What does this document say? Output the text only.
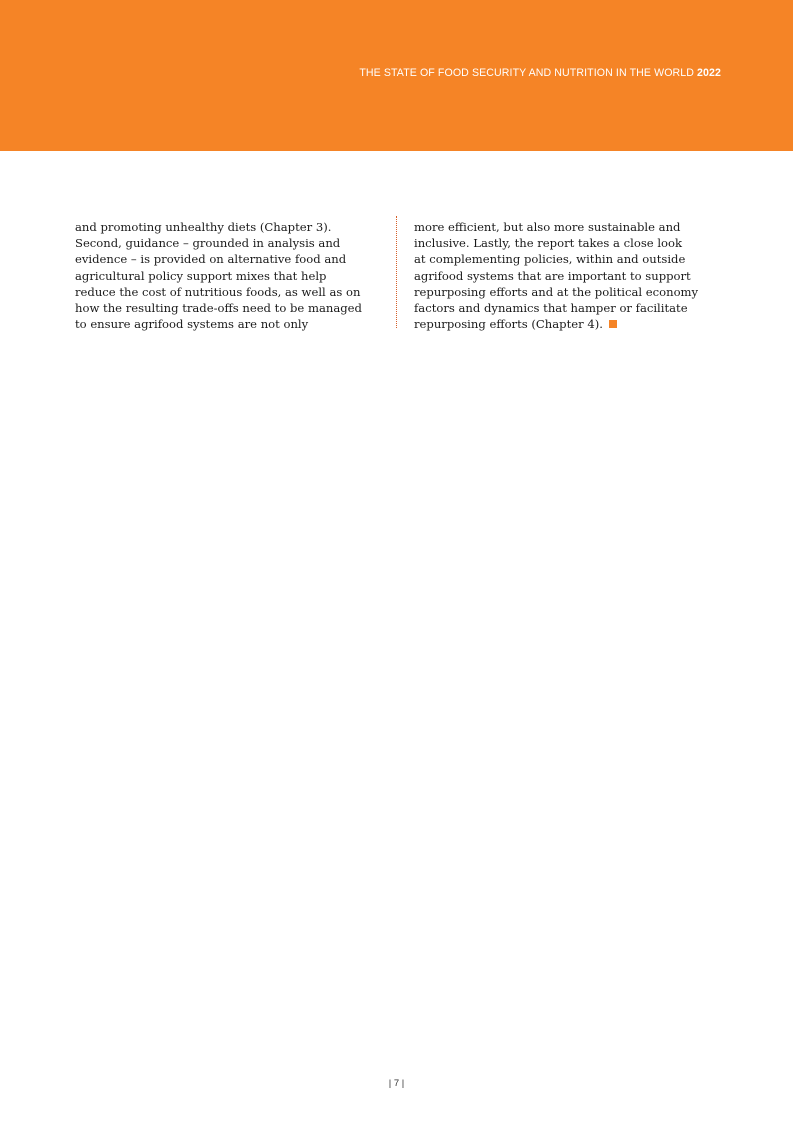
THE STATE OF FOOD SECURITY AND NUTRITION IN THE WORLD 2022
and promoting unhealthy diets (Chapter 3).
Second, guidance – grounded in analysis and
evidence – is provided on alternative food and
agricultural policy support mixes that help
reduce the cost of nutritious foods, as well as on
how the resulting trade-offs need to be managed
to ensure agrifood systems are not only
more efficient, but also more sustainable and
inclusive. Lastly, the report takes a close look
at complementing policies, within and outside
agrifood systems that are important to support
repurposing efforts and at the political economy
factors and dynamics that hamper or facilitate
repurposing efforts (Chapter 4).
| 7 |
